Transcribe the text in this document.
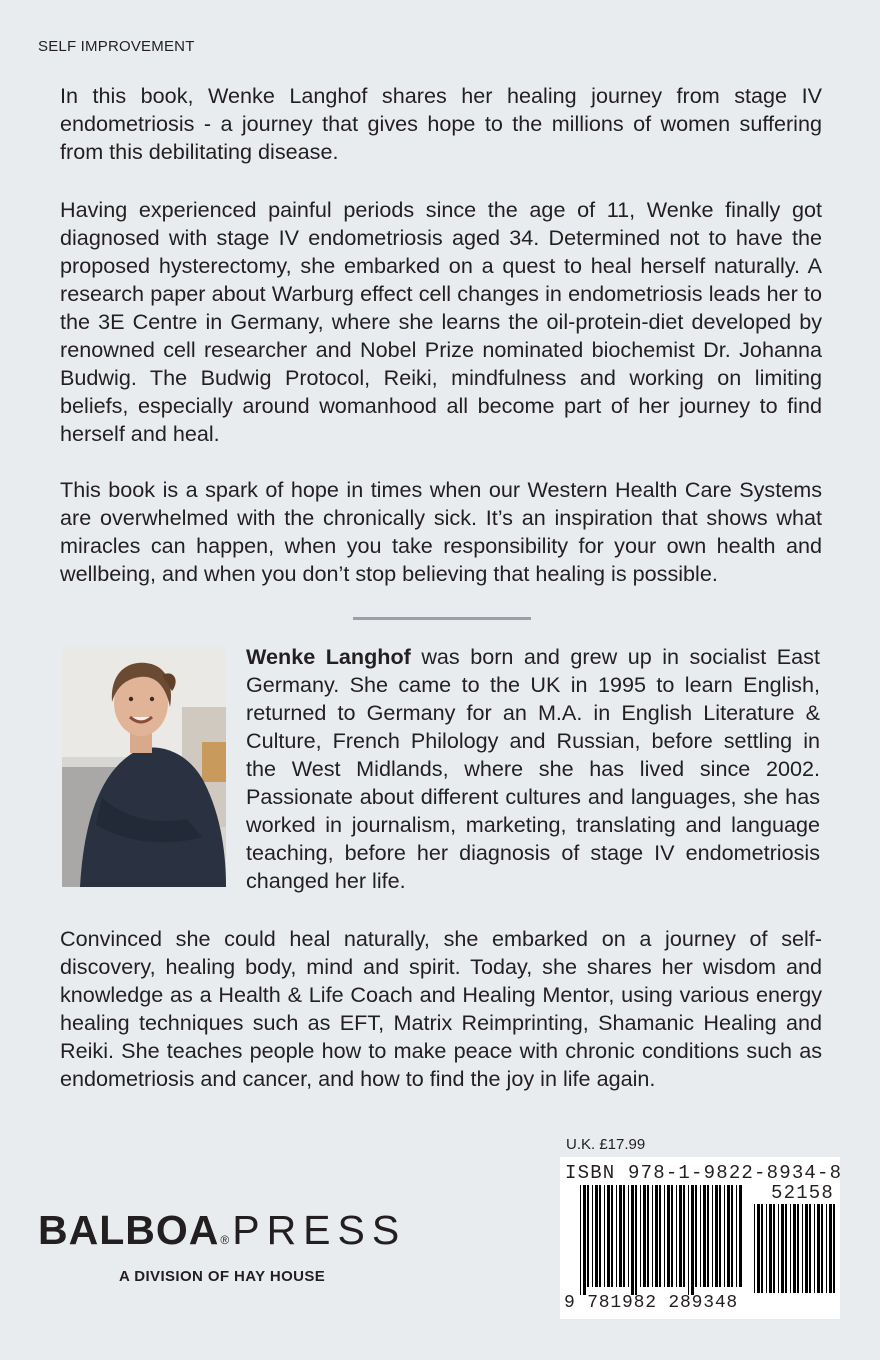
SELF IMPROVEMENT

In this book, Wenke Langhof shares her healing journey from stage IV endometriosis - a journey that gives hope to the millions of women suffering from this debilitating disease.

Having experienced painful periods since the age of 11, Wenke finally got diagnosed with stage IV endometriosis aged 34. Determined not to have the proposed hysterectomy, she embarked on a quest to heal herself naturally. A research paper about Warburg effect cell changes in endometriosis leads her to the 3E Centre in Germany, where she learns the oil-protein-diet developed by renowned cell researcher and Nobel Prize nominated biochemist Dr. Johanna Budwig. The Budwig Protocol, Reiki, mindfulness and working on limiting beliefs, especially around womanhood all become part of her journey to find herself and heal.

This book is a spark of hope in times when our Western Health Care Systems are overwhelmed with the chronically sick. It’s an inspiration that shows what miracles can happen, when you take responsibility for your own health and wellbeing, and when you don’t stop believing that healing is possible.

Wenke Langhof was born and grew up in socialist East Germany. She came to the UK in 1995 to learn English, returned to Germany for an M.A. in English Literature & Culture, French Philology and Russian, before settling in the West Midlands, where she has lived since 2002. Passionate about different cultures and languages, she has worked in journalism, marketing, translating and language teaching, before her diagnosis of stage IV endometriosis changed her life.

Convinced she could heal naturally, she embarked on a journey of self-discovery, healing body, mind and spirit. Today, she shares her wisdom and knowledge as a Health & Life Coach and Healing Mentor, using various energy healing techniques such as EFT, Matrix Reimprinting, Shamanic Healing and Reiki. She teaches people how to make peace with chronic conditions such as endometriosis and cancer, and how to find the joy in life again.

BALBOA®PRESS
A DIVISION OF HAY HOUSE
U.K. £17.99
ISBN 978-1-9822-8934-8
52158
9 781982 289348
